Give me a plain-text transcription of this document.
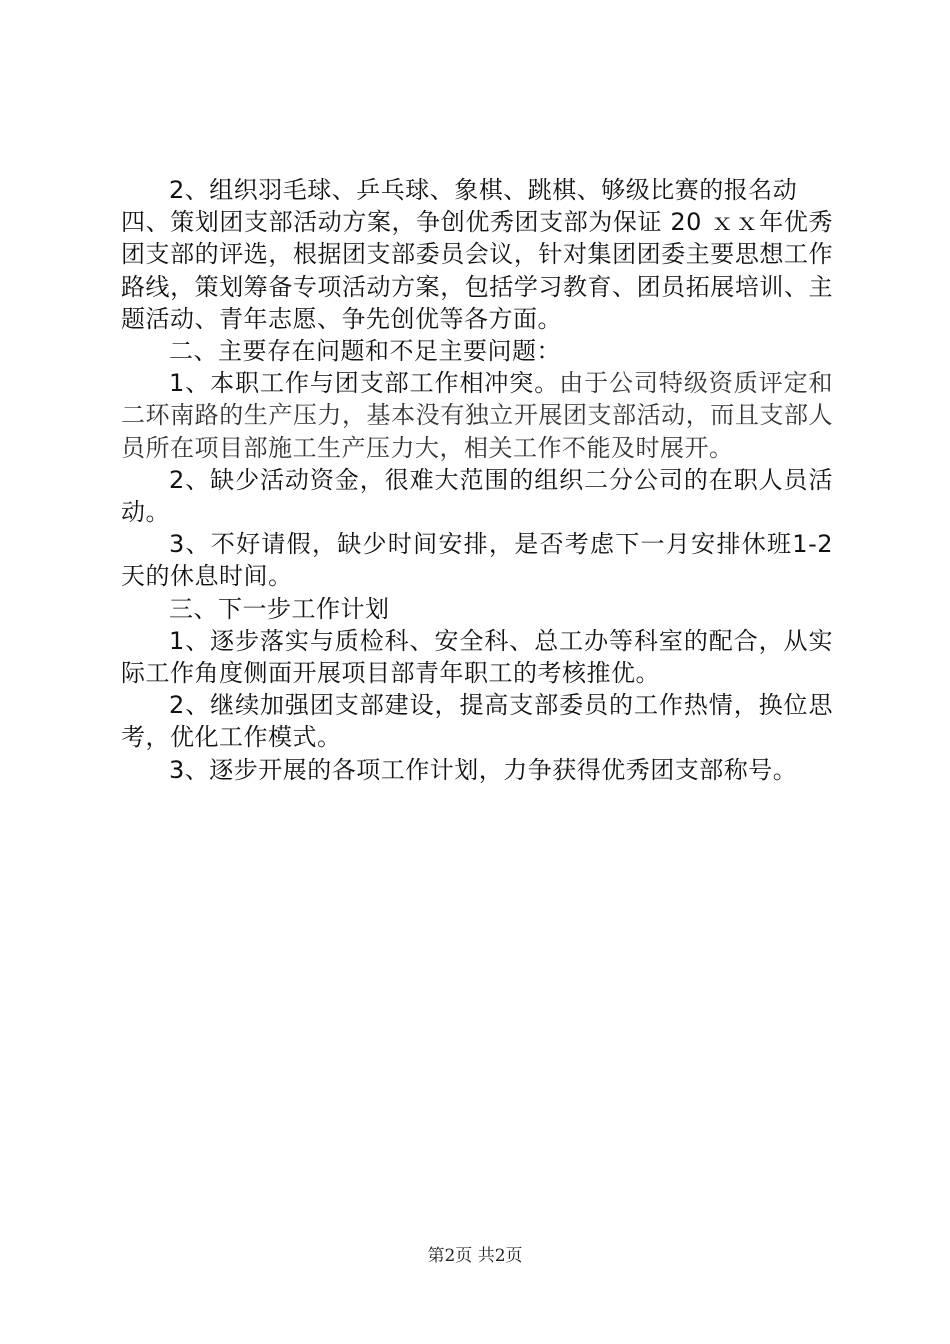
2、组织羽毛球、乒乓球、象棋、跳棋、够级比赛的报名动

四、策划团支部活动方案，争创优秀团支部为保证 20 ｘｘ年优秀团支部的评选，根据团支部委员会议，针对集团团委主要思想工作路线，策划筹备专项活动方案，包括学习教育、团员拓展培训、主题活动、青年志愿、争先创优等各方面。

二、主要存在问题和不足主要问题：

1、本职工作与团支部工作相冲突。由于公司特级资质评定和二环南路的生产压力，基本没有独立开展团支部活动，而且支部人员所在项目部施工生产压力大，相关工作不能及时展开。

2、缺少活动资金，很难大范围的组织二分公司的在职人员活动。

3、不好请假，缺少时间安排，是否考虑下一月安排休班1-2 天的休息时间。

三、下一步工作计划

1、逐步落实与质检科、安全科、总工办等科室的配合，从实际工作角度侧面开展项目部青年职工的考核推优。

2、继续加强团支部建设，提高支部委员的工作热情，换位思考，优化工作模式。

3、逐步开展的各项工作计划，力争获得优秀团支部称号。

第2页 共2页
